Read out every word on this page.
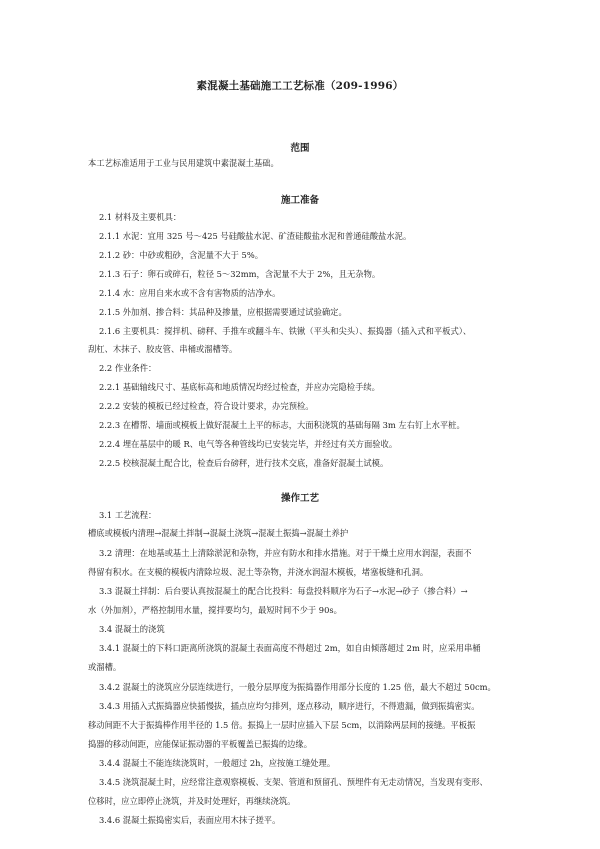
素混凝土基础施工工艺标准（209-1996）
范围
本工艺标准适用于工业与民用建筑中素混凝土基础。
施工准备
2.1 材料及主要机具：
2.1.1 水泥：宜用 325 号～425 号硅酸盐水泥、矿渣硅酸盐水泥和普通硅酸盐水泥。
2.1.2 砂：中砂或粗砂，含泥量不大于 5%。
2.1.3 石子：卵石或碎石，粒径 5～32mm，含泥量不大于 2%，且无杂物。
2.1.4 水：应用自来水或不含有害物质的洁净水。
2.1.5 外加剂、掺合料：其品种及掺量，应根据需要通过试验确定。
2.1.6 主要机具：搅拌机、磅秤、手推车或翻斗车、铁锹（平头和尖头）、振捣器（插入式和平板式）、
刮杠、木抹子、胶皮管、串桶或溜槽等。
2.2 作业条件：
2.2.1 基础轴线尺寸、基底标高和地质情况均经过检查，并应办完隐检手续。
2.2.2 安装的模板已经过检查，符合设计要求，办完预检。
2.2.3 在槽帮、墙面或模板上做好混凝土上平的标志，大面积浇筑的基础每隔 3m 左右钉上水平桩。
2.2.4 埋在基层中的暖 R、电气等各种管线均已安装完毕，并经过有关方面验收。
2.2.5 校核混凝土配合比，检查后台磅秤，进行技术交底，准备好混凝土试模。
操作工艺
3.1 工艺流程：
槽底或模板内清理→混凝土拌制→混凝土浇筑→混凝土振捣→混凝土养护
3.2 清理：在地基或基土上清除淤泥和杂物，并应有防水和排水措施。对于干燥土应用水润湿，表面不
得留有积水。在支模的模板内清除垃圾、泥土等杂物，并浇水润湿木模板，堵塞板缝和孔洞。
3.3 混凝土拌制：后台要认真按混凝土的配合比投料：每盘投料顺序为石子→水泥→砂子（掺合料）→
水（外加剂），严格控制用水量，搅拌要均匀，最短时间不少于 90s。
3.4 混凝土的浇筑
3.4.1 混凝土的下料口距离所浇筑的混凝土表面高度不得超过 2m，如自由倾落超过 2m 时，应采用串桶
或溜槽。
3.4.2 混凝土的浇筑应分层连续进行，一般分层厚度为振捣器作用部分长度的 1.25 倍，最大不超过 50cm。
3.4.3 用插入式振捣器应快插慢拔，插点应均匀排列，逐点移动，顺序进行，不得遗漏，做到振捣密实。
移动间距不大于振捣棒作用半径的 1.5 倍。振捣上一层时应插入下层 5cm，以消除两层间的接缝。平板振
捣器的移动间距，应能保证振动器的平板覆盖已振捣的边缘。
3.4.4 混凝土不能连续浇筑时，一般超过 2h，应按施工缝处理。
3.4.5 浇筑混凝土时，应经常注意观察模板、支架、管道和预留孔、预埋件有无走动情况，当发现有变形、
位移时，应立即停止浇筑，并及时处理好，再继续浇筑。
3.4.6 混凝土振捣密实后，表面应用木抹子搓平。
